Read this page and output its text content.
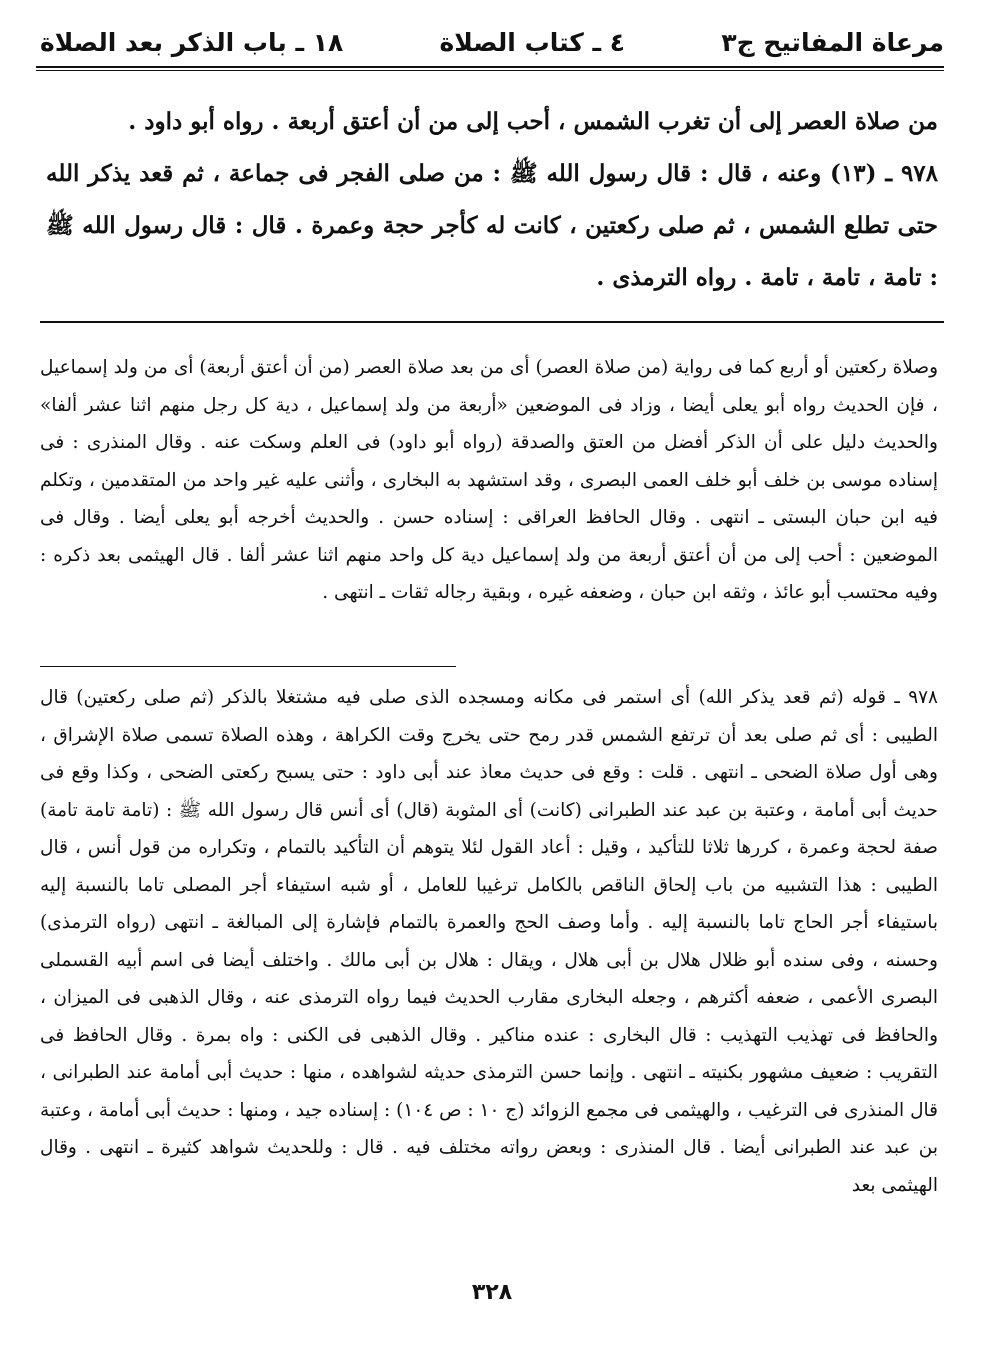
مرعاة المفاتيح ج٣
٤ ـ كتاب الصلاة
١٨ ـ باب الذكر بعد الصلاة

من صلاة العصر إلى أن تغرب الشمس ، أحب إلى من أن أعتق أربعة . رواه أبو داود .

٩٧٨ ـ (١٣) وعنه ، قال : قال رسول الله ﷺ : من صلى الفجر فى جماعة ، ثم قعد يذكر الله حتى تطلع الشمس ، ثم صلى ركعتين ، كانت له كأجر حجة وعمرة . قال : قال رسول الله ﷺ : تامة ، تامة ، تامة . رواه الترمذى .

وصلاة ركعتين أو أربع كما فى رواية (من صلاة العصر) أى من بعد صلاة العصر (من أن أعتق أربعة) أى من ولد إسماعيل ، فإن الحديث رواه أبو يعلى أيضا ، وزاد فى الموضعين «أربعة من ولد إسماعيل ، دية كل رجل منهم اثنا عشر ألفا» والحديث دليل على أن الذكر أفضل من العتق والصدقة (رواه أبو داود) فى العلم وسكت عنه . وقال المنذرى : فى إسناده موسى بن خلف أبو خلف العمى البصرى ، وقد استشهد به البخارى ، وأثنى عليه غير واحد من المتقدمين ، وتكلم فيه ابن حبان البستى ـ انتهى . وقال الحافظ العراقى : إسناده حسن . والحديث أخرجه أبو يعلى أيضا . وقال فى الموضعين : أحب إلى من أن أعتق أربعة من ولد إسماعيل دية كل واحد منهم اثنا عشر ألفا . قال الهيثمى بعد ذكره : وفيه محتسب أبو عائذ ، وثقه ابن حبان ، وضعفه غيره ، وبقية رجاله ثقات ـ انتهى .

٩٧٨ ـ قوله (ثم قعد يذكر الله) أى استمر فى مكانه ومسجده الذى صلى فيه مشتغلا بالذكر (ثم صلى ركعتين) قال الطيبى : أى ثم صلى بعد أن ترتفع الشمس قدر رمح حتى يخرج وقت الكراهة ، وهذه الصلاة تسمى صلاة الإشراق ، وهى أول صلاة الضحى ـ انتهى . قلت : وقع فى حديث معاذ عند أبى داود : حتى يسبح ركعتى الضحى ، وكذا وقع فى حديث أبى أمامة ، وعتبة بن عبد عند الطبرانى (كانت) أى المثوبة (قال) أى أنس قال رسول الله ﷺ : (تامة تامة تامة) صفة لحجة وعمرة ، كررها ثلاثا للتأكيد ، وقيل : أعاد القول لئلا يتوهم أن التأكيد بالتمام ، وتكراره من قول أنس ، قال الطيبى : هذا التشبيه من باب إلحاق الناقص بالكامل ترغيبا للعامل ، أو شبه استيفاء أجر المصلى تاما بالنسبة إليه باستيفاء أجر الحاج تاما بالنسبة إليه . وأما وصف الحج والعمرة بالتمام فإشارة إلى المبالغة ـ انتهى (رواه الترمذى) وحسنه ، وفى سنده أبو ظلال هلال بن أبى هلال ، ويقال : هلال بن أبى مالك . واختلف أيضا فى اسم أبيه القسملى البصرى الأعمى ، ضعفه أكثرهم ، وجعله البخارى مقارب الحديث فيما رواه الترمذى عنه ، وقال الذهبى فى الميزان ، والحافظ فى تهذيب التهذيب : قال البخارى : عنده مناكير . وقال الذهبى فى الكنى : واه بمرة . وقال الحافظ فى التقريب : ضعيف مشهور بكنيته ـ انتهى . وإنما حسن الترمذى حديثه لشواهده ، منها : حديث أبى أمامة عند الطبرانى ، قال المنذرى فى الترغيب ، والهيثمى فى مجمع الزوائد (ج ١٠ : ص ١٠٤) : إسناده جيد ، ومنها : حديث أبى أمامة ، وعتبة بن عبد عند الطبرانى أيضا . قال المنذرى : وبعض رواته مختلف فيه . قال : وللحديث شواهد كثيرة ـ انتهى . وقال الهيثمى بعد

٣٢٨
